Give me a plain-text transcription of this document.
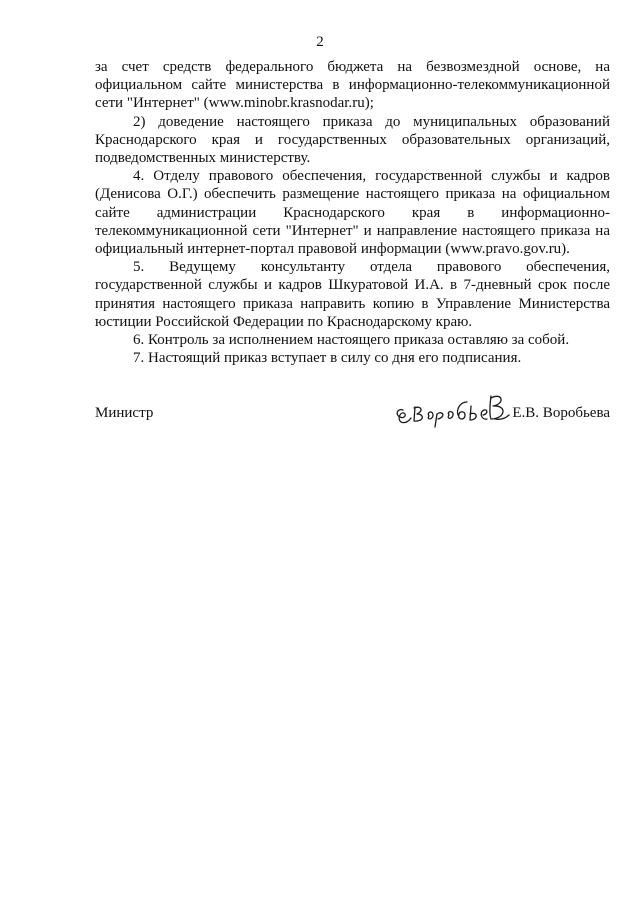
2

за счет средств федерального бюджета на безвозмездной основе, на официальном сайте министерства в информационно-телекоммуникационной сети "Интернет" (www.minobr.krasnodar.ru);

2) доведение настоящего приказа до муниципальных образований Краснодарского края и государственных образовательных организаций, подведомственных министерству.

4. Отделу правового обеспечения, государственной службы и кадров (Денисова О.Г.) обеспечить размещение настоящего приказа на официальном сайте администрации Краснодарского края в информационно-телекоммуникационной сети "Интернет" и направление настоящего приказа на официальный интернет-портал правовой информации (www.pravo.gov.ru).

5. Ведущему консультанту отдела правового обеспечения, государственной службы и кадров Шкуратовой И.А. в 7-дневный срок после принятия настоящего приказа направить копию в Управление Министерства юстиции Российской Федерации по Краснодарскому краю.

6. Контроль за исполнением настоящего приказа оставляю за собой.

7. Настоящий приказ вступает в силу со дня его подписания.

Министр	Е.В. Воробьева
